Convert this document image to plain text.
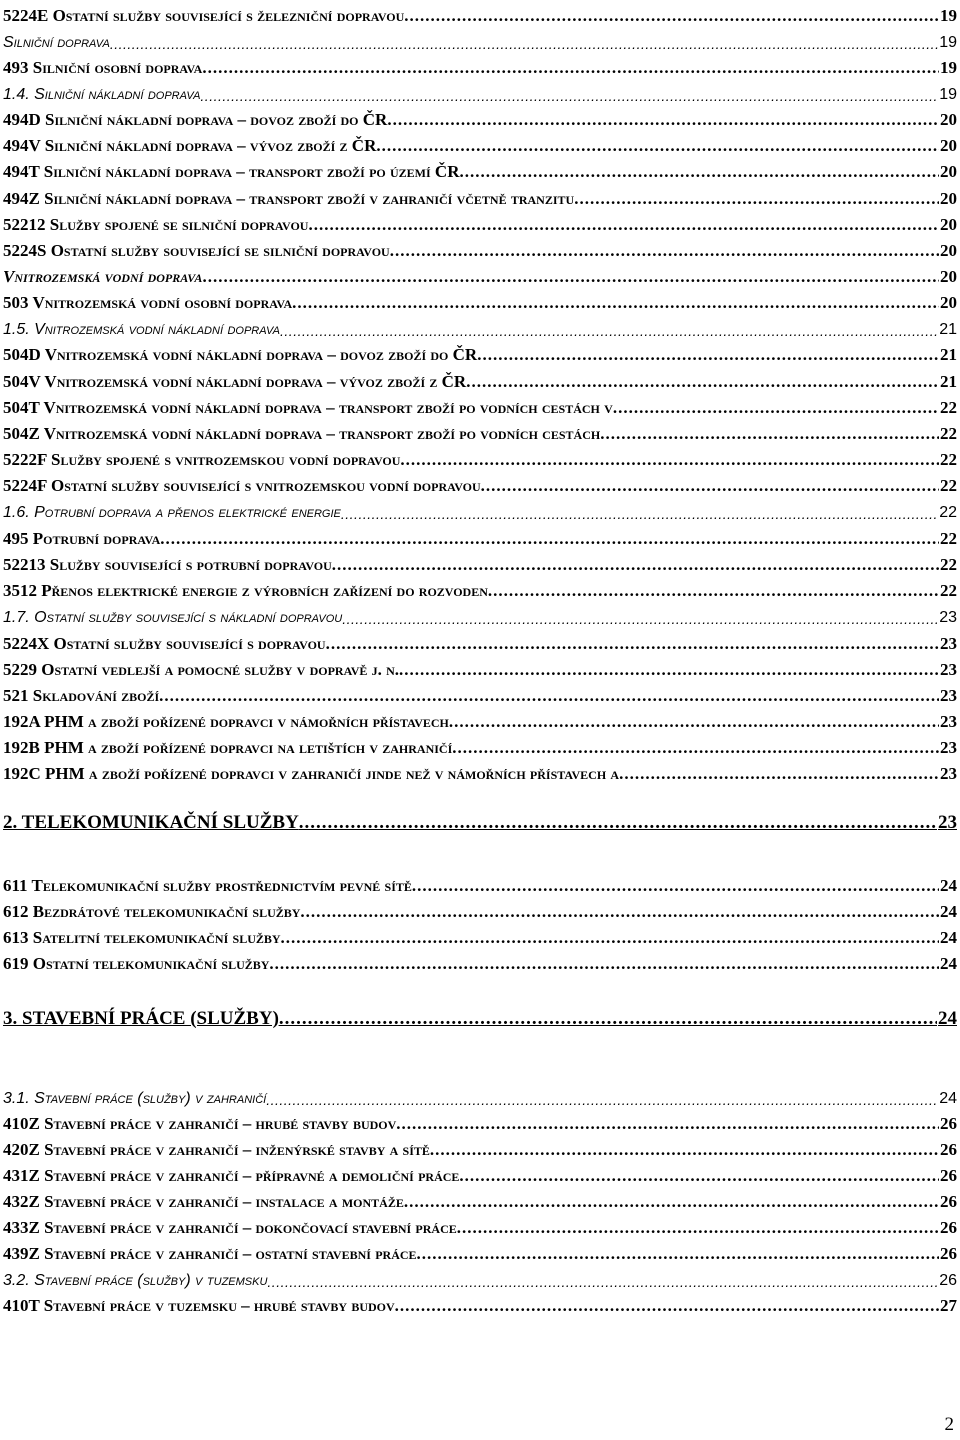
5224E Ostatní služby související s železniční dopravou .....	19
Silniční doprava .....	19
493 Silniční osobní doprava .....	19
1.4. Silniční nákladní doprava .....	19
494D Silniční nákladní doprava – dovoz zboží do ČR .....	20
494V Silniční nákladní doprava – vývoz zboží z ČR .....	20
494T Silniční nákladní doprava – transport zboží po území ČR .....	20
494Z Silniční nákladní doprava – transport zboží v zahraničí včetně tranzitu .....	20
52212 Služby spojené se silniční dopravou .....	20
5224S Ostatní služby související se silniční dopravou .....	20
Vnitrozemská vodní doprava .....	20
503 Vnitrozemská vodní osobní doprava .....	20
1.5. Vnitrozemská vodní nákladní doprava .....	21
504D Vnitrozemská vodní nákladní doprava – dovoz zboží do ČR .....	21
504V Vnitrozemská vodní nákladní doprava – vývoz zboží z ČR .....	21
504T Vnitrozemská vodní nákladní doprava – transport zboží po vodních cestách v .....	22
504Z Vnitrozemská vodní nákladní doprava – transport zboží po vodních cestách .....	22
5222F Služby spojené s vnitrozemskou vodní dopravou .....	22
5224F Ostatní služby související s vnitrozemskou vodní dopravou .....	22
1.6. Potrubní doprava a přenos elektrické energie .....	22
495 Potrubní doprava .....	22
52213 Služby související s potrubní dopravou .....	22
3512 Přenos elektrické energie z výrobních zařízení do rozvoden .....	22
1.7. Ostatní služby související s nákladní dopravou .....	23
5224X Ostatní služby související s dopravou .....	23
5229 Ostatní vedlejší a pomocné služby v dopravě j. n. .....	23
521 Skladování zboží .....	23
192A PHM a zboží pořízené dopravci v námořních přístavech .....	23
192B PHM a zboží pořízené dopravci na letištích v zahraničí .....	23
192C PHM a zboží pořízené dopravci v zahraničí jinde než v námořních přístavech a .....	23
2. TELEKOMUNIKAČNÍ SLUŽBY .....	23
611 Telekomunikační služby prostřednictvím pevné sítě .....	24
612 Bezdrátové telekomunikační služby .....	24
613 Satelitní telekomunikační služby .....	24
619 Ostatní telekomunikační služby .....	24
3. STAVEBNÍ PRÁCE (SLUŽBY) .....	24
3.1. Stavební práce (služby) v zahraničí .....	24
410Z Stavební práce v zahraničí – hrubé stavby budov .....	26
420Z Stavební práce v zahraničí – inženýrské stavby a sítě .....	26
431Z Stavební práce v zahraničí – přípravné a demoliční práce .....	26
432Z Stavební práce v zahraničí – instalace a montáže .....	26
433Z Stavební práce v zahraničí – dokončovací stavební práce .....	26
439Z Stavební práce v zahraničí – ostatní stavební práce .....	26
3.2. Stavební práce (služby) v tuzemsku .....	26
410T Stavební práce v tuzemsku – hrubé stavby budov .....	27
2
